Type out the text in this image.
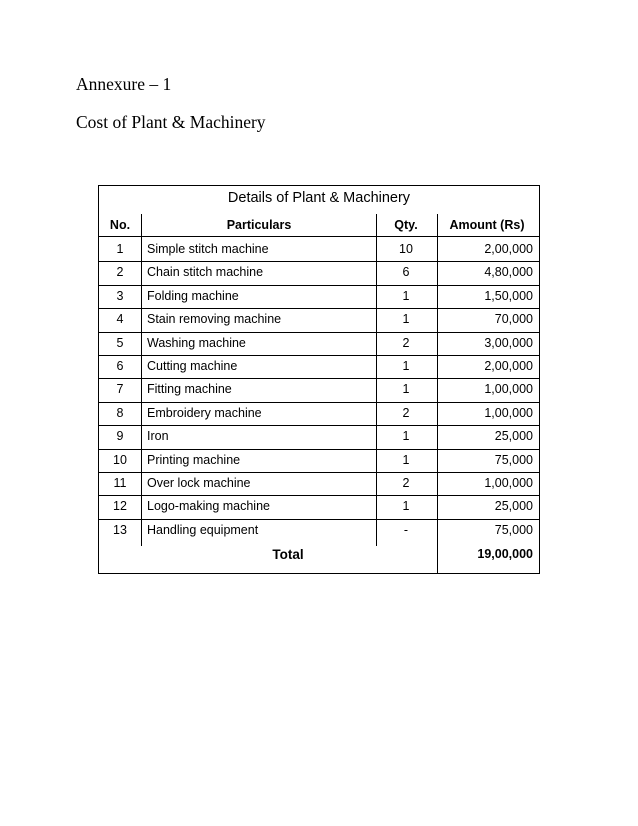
Annexure – 1
Cost of Plant & Machinery
Details of Plant & Machinery
No.	Particulars	Qty.	Amount (Rs)
1	Simple stitch machine	10	2,00,000
2	Chain stitch machine	6	4,80,000
3	Folding machine	1	1,50,000
4	Stain removing machine	1	70,000
5	Washing machine	2	3,00,000
6	Cutting machine	1	2,00,000
7	Fitting machine	1	1,00,000
8	Embroidery machine	2	1,00,000
9	Iron	1	25,000
10	Printing machine	1	75,000
11	Over lock machine	2	1,00,000
12	Logo-making machine	1	25,000
13	Handling equipment	-	75,000
Total	19,00,000
